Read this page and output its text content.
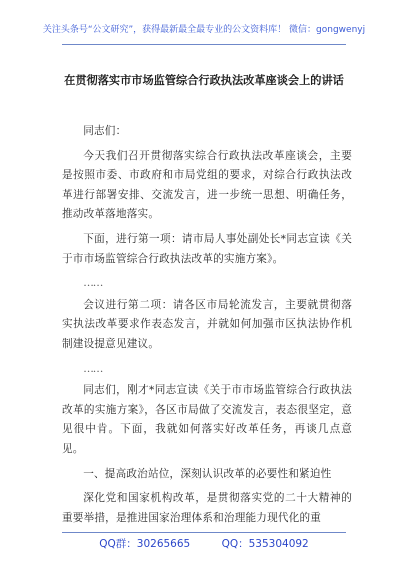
关注头条号“公文研究”，获得最新最全最专业的公文资料库！ 微信：gongwenyj
在贯彻落实市市场监管综合行政执法改革座谈会上的讲话

同志们：

今天我们召开贯彻落实综合行政执法改革座谈会，主要是按照市委、市政府和市局党组的要求，对综合行政执法改革进行部署安排、交流发言，进一步统一思想、明确任务，推动改革落地落实。

下面，进行第一项：请市局人事处副处长*同志宣读《关于市市场监管综合行政执法改革的实施方案》。

……

会议进行第二项：请各区市局轮流发言，主要就贯彻落实执法改革要求作表态发言，并就如何加强市区执法协作机制建设提意见建议。

……

同志们，刚才*同志宣读《关于市市场监管综合行政执法改革的实施方案》，各区市局做了交流发言，表态很坚定，意见很中肯。下面，我就如何落实好改革任务，再谈几点意见。

一、提高政治站位，深刻认识改革的必要性和紧迫性

深化党和国家机构改革，是贯彻落实党的二十大精神的重要举措，是推进国家治理体系和治理能力现代化的重

QQ群：30265665	QQ：535304092
